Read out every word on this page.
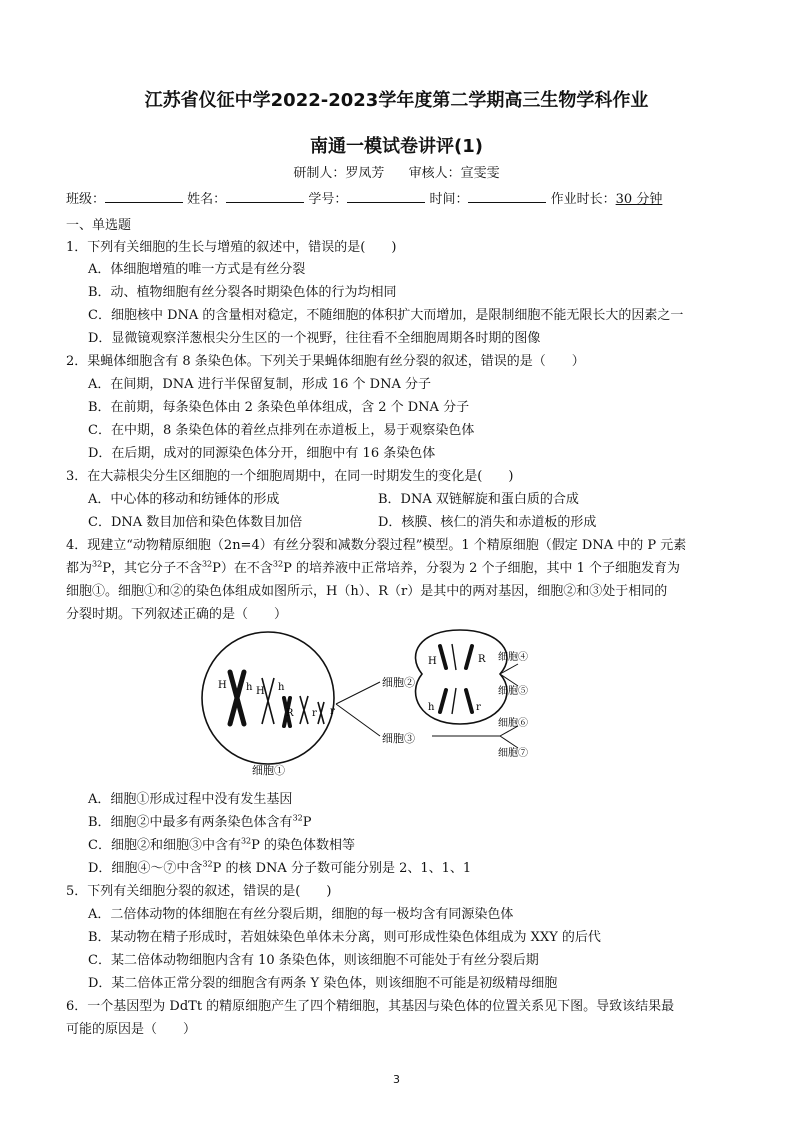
江苏省仪征中学2022-2023学年度第二学期高三生物学科作业
南通一模试卷讲评(1)
研制人：罗凤芳 审核人：宣雯雯
班级：	姓名：	学号：	时间：	作业时长：30 分钟
一、单选题
1．下列有关细胞的生长与增殖的叙述中，错误的是(　　)
A．体细胞增殖的唯一方式是有丝分裂
B．动、植物细胞有丝分裂各时期染色体的行为均相同
C．细胞核中 DNA 的含量相对稳定，不随细胞的体积扩大而增加，是限制细胞不能无限长大的因素之一
D．显微镜观察洋葱根尖分生区的一个视野，往往看不全细胞周期各时期的图像
2．果蝇体细胞含有 8 条染色体。下列关于果蝇体细胞有丝分裂的叙述，错误的是（　　）
A．在间期，DNA 进行半保留复制，形成 16 个 DNA 分子
B．在前期，每条染色体由 2 条染色单体组成，含 2 个 DNA 分子
C．在中期，8 条染色体的着丝点排列在赤道板上，易于观察染色体
D．在后期，成对的同源染色体分开，细胞中有 16 条染色体
3．在大蒜根尖分生区细胞的一个细胞周期中，在同一时期发生的变化是(　　)
A．中心体的移动和纺锤体的形成	B．DNA 双链解旋和蛋白质的合成
C．DNA 数目加倍和染色体数目加倍	D．核膜、核仁的消失和赤道板的形成
4．现建立“动物精原细胞（2n=4）有丝分裂和减数分裂过程”模型。1 个精原细胞（假定 DNA 中的 P 元素
都为$^{32}$P，其它分子不含$^{32}$P）在不含$^{32}$P 的培养液中正常培养，分裂为 2 个子细胞，其中 1 个子细胞发育为
细胞①。细胞①和②的染色体组成如图所示，H（h）、R（r）是其中的两对基因，细胞②和③处于相同的
分裂时期。下列叙述正确的是（　　）
H h H h
R r r
细胞①
细胞②
细胞③
H	R
h	r
细胞④
细胞⑤
细胞⑥
细胞⑦
A．细胞①形成过程中没有发生基因
B．细胞②中最多有两条染色体含有$^{32}$P
C．细胞②和细胞③中含有$^{32}$P 的染色体数相等
D．细胞④～⑦中含$^{32}$P 的核 DNA 分子数可能分别是 2、1、1、1
5．下列有关细胞分裂的叙述，错误的是(　　)
A．二倍体动物的体细胞在有丝分裂后期，细胞的每一极均含有同源染色体
B．某动物在精子形成时，若姐妹染色单体未分离，则可形成性染色体组成为 XXY 的后代
C．某二倍体动物细胞内含有 10 条染色体，则该细胞不可能处于有丝分裂后期
D．某二倍体正常分裂的细胞含有两条 Y 染色体，则该细胞不可能是初级精母细胞
6．一个基因型为 DdTt 的精原细胞产生了四个精细胞，其基因与染色体的位置关系见下图。导致该结果最
可能的原因是（　　）
3
